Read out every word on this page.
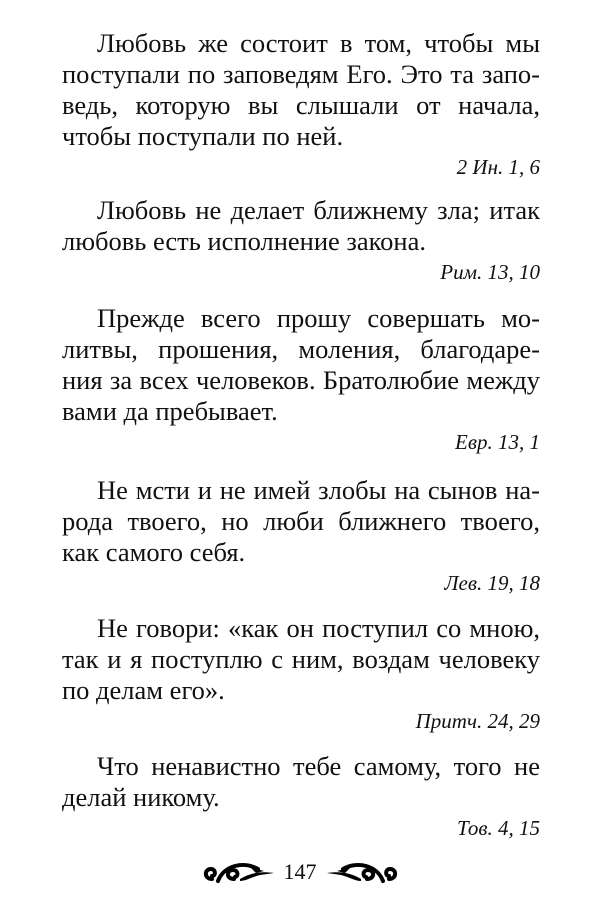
Любовь же состоит в том, чтобы мы
поступали по заповедям Его. Это та запо-
ведь, которую вы слышали от начала,
чтобы поступали по ней.
2 Ин. 1, 6
Любовь не делает ближнему зла; итак
любовь есть исполнение закона.
Рим. 13, 10
Прежде всего прошу совершать мо-
литвы, прошения, моления, благодаре-
ния за всех человеков. Братолюбие между
вами да пребывает.
Евр. 13, 1
Не мсти и не имей злобы на сынов на-
рода твоего, но люби ближнего твоего,
как самого себя.
Лев. 19, 18
Не говори: «как он поступил со мною,
так и я поступлю с ним, воздам человеку
по делам его».
Притч. 24, 29
Что ненавистно тебе самому, того не
делай никому.
Тов. 4, 15
147
